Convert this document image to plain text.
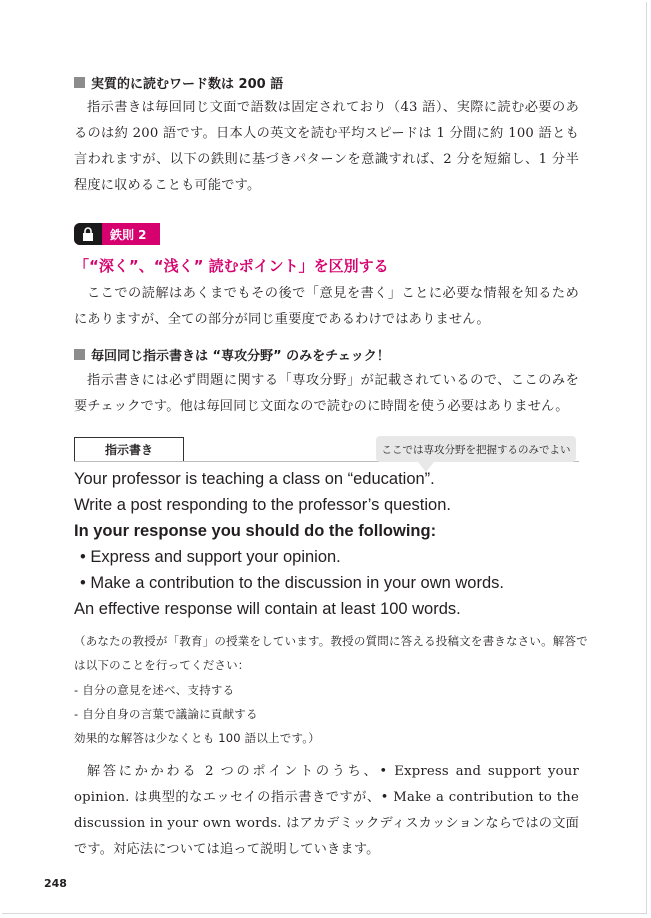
実質的に読むワード数は 200 語
指示書きは毎回同じ文面で語数は固定されており（43 語）、実際に読む必要のあるのは約 200 語です。日本人の英文を読む平均スピードは 1 分間に約 100 語とも言われますが、以下の鉄則に基づきパターンを意識すれば、2 分を短縮し、1 分半程度に収めることも可能です。
鉄則 2
「“深く”、“浅く” 読むポイント」を区別する
ここでの読解はあくまでもその後で「意見を書く」ことに必要な情報を知るためにありますが、全ての部分が同じ重要度であるわけではありません。
毎回同じ指示書きは “専攻分野” のみをチェック！
指示書きには必ず問題に関する「専攻分野」が記載されているので、ここのみを要チェックです。他は毎回同じ文面なので読むのに時間を使う必要はありません。
指示書き	ここでは専攻分野を把握するのみでよい
Your professor is teaching a class on “education”.
Write a post responding to the professor’s question.
In your response you should do the following:
• Express and support your opinion.
• Make a contribution to the discussion in your own words.
An effective response will contain at least 100 words.
（あなたの教授が「教育」の授業をしています。教授の質問に答える投稿文を書きなさい。解答で
は以下のことを行ってください：
- 自分の意見を述べ、支持する
- 自分自身の言葉で議論に貢献する
効果的な解答は少なくとも 100 語以上です。）
解答にかかわる 2 つのポイントのうち、• Express and support your opinion. は典型的なエッセイの指示書きですが、• Make a contribution to the discussion in your own words. はアカデミックディスカッションならではの文面です。対応法については追って説明していきます。
248
